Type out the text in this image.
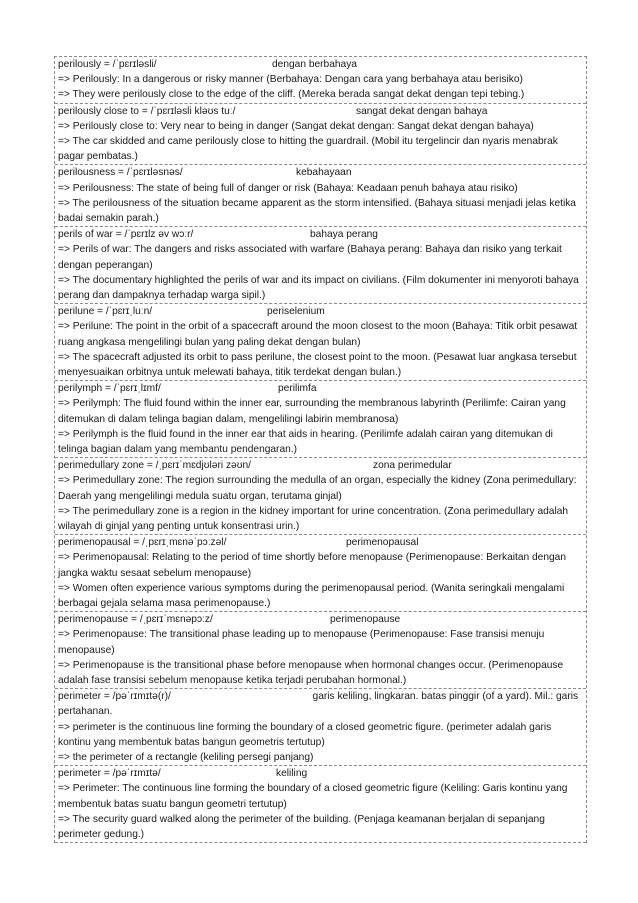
perilously = /ˈpɛrɪləsli/	dengan berbahaya
=> Perilously: In a dangerous or risky manner (Berbahaya: Dengan cara yang berbahaya atau berisiko)
=> They were perilously close to the edge of the cliff. (Mereka berada sangat dekat dengan tepi tebing.)
perilously close to = /ˈpɛrɪləsli kləʊs tuː/	sangat dekat dengan bahaya
=> Perilously close to: Very near to being in danger (Sangat dekat dengan: Sangat dekat dengan bahaya)
=> The car skidded and came perilously close to hitting the guardrail. (Mobil itu tergelincir dan nyaris menabrak pagar pembatas.)
perilousness = /ˈpɛrɪləsnəs/	kebahayaan
=> Perilousness: The state of being full of danger or risk (Bahaya: Keadaan penuh bahaya atau risiko)
=> The perilousness of the situation became apparent as the storm intensified. (Bahaya situasi menjadi jelas ketika badai semakin parah.)
perils of war = /ˈpɛrɪlz əv wɔːr/	bahaya perang
=> Perils of war: The dangers and risks associated with warfare (Bahaya perang: Bahaya dan risiko yang terkait dengan peperangan)
=> The documentary highlighted the perils of war and its impact on civilians. (Film dokumenter ini menyoroti bahaya perang dan dampaknya terhadap warga sipil.)
perilune = /ˈpɛrɪˌluːn/	periselenium
=> Perilune: The point in the orbit of a spacecraft around the moon closest to the moon (Bahaya: Titik orbit pesawat ruang angkasa mengelilingi bulan yang paling dekat dengan bulan)
=> The spacecraft adjusted its orbit to pass perilune, the closest point to the moon. (Pesawat luar angkasa tersebut menyesuaikan orbitnya untuk melewati bahaya, titik terdekat dengan bulan.)
perilymph = /ˈpɛrɪˌlɪmf/	perilimfa
=> Perilymph: The fluid found within the inner ear, surrounding the membranous labyrinth (Perilimfe: Cairan yang ditemukan di dalam telinga bagian dalam, mengelilingi labirin membranosa)
=> Perilymph is the fluid found in the inner ear that aids in hearing. (Perilimfe adalah cairan yang ditemukan di telinga bagian dalam yang membantu pendengaran.)
perimedullary zone = /ˌpɛrɪˈmɛdjʊləri zəʊn/	zona perimedular
=> Perimedullary zone: The region surrounding the medulla of an organ, especially the kidney (Zona perimedullary: Daerah yang mengelilingi medula suatu organ, terutama ginjal)
=> The perimedullary zone is a region in the kidney important for urine concentration. (Zona perimedullary adalah wilayah di ginjal yang penting untuk konsentrasi urin.)
perimenopausal = /ˌpɛrɪˌmɛnəˈpɔːzəl/	perimenopausal
=> Perimenopausal: Relating to the period of time shortly before menopause (Perimenopause: Berkaitan dengan jangka waktu sesaat sebelum menopause)
=> Women often experience various symptoms during the perimenopausal period. (Wanita seringkali mengalami berbagai gejala selama masa perimenopause.)
perimenopause = /ˌpɛrɪˈmɛnəpɔːz/	perimenopause
=> Perimenopause: The transitional phase leading up to menopause (Perimenopause: Fase transisi menuju menopause)
=> Perimenopause is the transitional phase before menopause when hormonal changes occur. (Perimenopause adalah fase transisi sebelum menopause ketika terjadi perubahan hormonal.)
perimeter = /pəˈrɪmɪtə(r)/	garis keliling, lingkaran. batas pinggir (of a yard). Mil.: garis pertahanan.
=> perimeter is the continuous line forming the boundary of a closed geometric figure. (perimeter adalah garis kontinu yang membentuk batas bangun geometris tertutup)
=> the perimeter of a rectangle (keliling persegi panjang)
perimeter = /pəˈrɪmɪtə/	keliling
=> Perimeter: The continuous line forming the boundary of a closed geometric figure (Keliling: Garis kontinu yang membentuk batas suatu bangun geometri tertutup)
=> The security guard walked along the perimeter of the building. (Penjaga keamanan berjalan di sepanjang perimeter gedung.)
